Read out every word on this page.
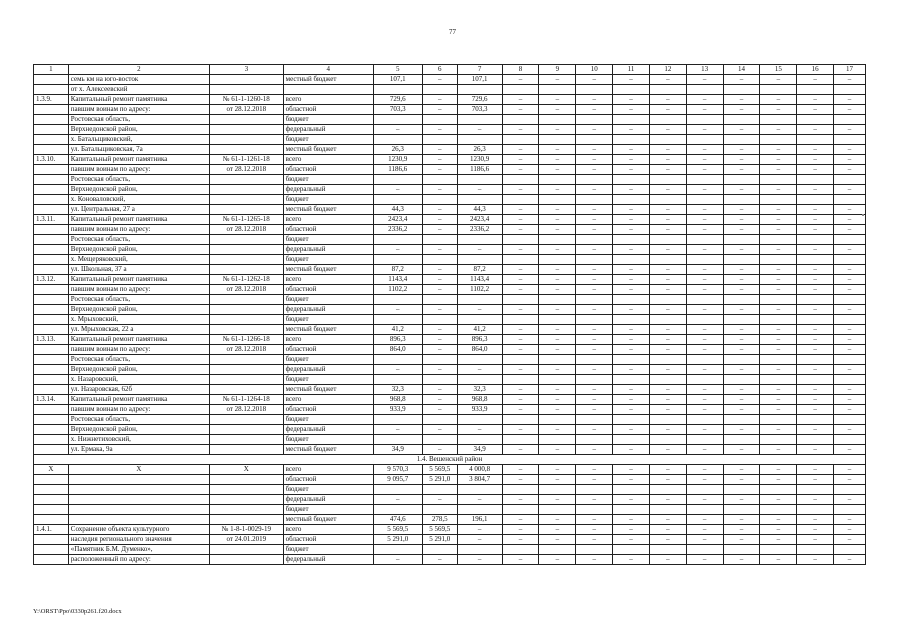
77
1	2	3	4	5	6	7	8	9	10	11	12	13	14	15	16	17
	семь км на юго-восток		местный бюджет	107,1	–	107,1	–	–	–	–	–	–	–	–	–	–
	от х. Алексеевский															
1.3.9.	Капитальный ремонт памятника	№ 61-1-1260-18	всего	729,6	–	729,6	–	–	–	–	–	–	–	–	–	–
	павшим воинам по адресу:	от 28.12.2018	областной	703,3	–	703,3	–	–	–	–	–	–	–	–	–	–
	Ростовская область,		бюджет													
	Верхнедонской район,		федеральный	–	–	–	–	–	–	–	–	–	–	–	–	–
	х. Батальщиковский,		бюджет													
	ул. Батальщиковская, 7а		местный бюджет	26,3	–	26,3	–	–	–	–	–	–	–	–	–	–
1.3.10.	Капитальный ремонт памятника	№ 61-1-1261-18	всего	1230,9	–	1230,9	–	–	–	–	–	–	–	–	–	–
	павшим воинам по адресу:	от 28.12.2018	областной	1186,6	–	1186,6	–	–	–	–	–	–	–	–	–	–
	Ростовская область,		бюджет													
	Верхнедонской район,		федеральный	–	–	–	–	–	–	–	–	–	–	–	–	–
	х. Коноваловский,		бюджет													
	ул. Центральная, 27 а		местный бюджет	44,3	–	44,3	–	–	–	–	–	–	–	–	–	–
1.3.11.	Капитальный ремонт памятника	№ 61-1-1265-18	всего	2423,4	–	2423,4	–	–	–	–	–	–	–	–	–	–
	павшим воинам по адресу:	от 28.12.2018	областной	2336,2	–	2336,2	–	–	–	–	–	–	–	–	–	–
	Ростовская область,		бюджет													
	Верхнедонской район,		федеральный	–	–	–	–	–	–	–	–	–	–	–	–	–
	х. Мещеряковский,		бюджет													
	ул. Школьная, 37 а		местный бюджет	87,2	–	87,2	–	–	–	–	–	–	–	–	–	–
1.3.12.	Капитальный ремонт памятника	№ 61-1-1262-18	всего	1143,4	–	1143,4	–	–	–	–	–	–	–	–	–	–
	павшим воинам по адресу:	от 28.12.2018	областной	1102,2	–	1102,2	–	–	–	–	–	–	–	–	–	–
	Ростовская область,		бюджет													
	Верхнедонской район,		федеральный	–	–	–	–	–	–	–	–	–	–	–	–	–
	х. Мрыховский,		бюджет													
	ул. Мрыховская, 22 а		местный бюджет	41,2	–	41,2	–	–	–	–	–	–	–	–	–	–
1.3.13.	Капитальный ремонт памятника	№ 61-1-1266-18	всего	896,3	–	896,3	–	–	–	–	–	–	–	–	–	–
	павшим воинам по адресу:	от 28.12.2018	областной	864,0	–	864,0	–	–	–	–	–	–	–	–	–	–
	Ростовская область,		бюджет													
	Верхнедонской район,		федеральный	–	–	–	–	–	–	–	–	–	–	–	–	–
	х. Назаровский,		бюджет													
	ул. Назаровская, 62б		местный бюджет	32,3	–	32,3	–	–	–	–	–	–	–	–	–	–
1.3.14.	Капитальный ремонт памятника	№ 61-1-1264-18	всего	968,8	–	968,8	–	–	–	–	–	–	–	–	–	–
	павшим воинам по адресу:	от 28.12.2018	областной	933,9	–	933,9	–	–	–	–	–	–	–	–	–	–
	Ростовская область,		бюджет													
	Верхнедонской район,		федеральный	–	–	–	–	–	–	–	–	–	–	–	–	–
	х. Нижнетиховский,		бюджет													
	ул. Ермака, 9а		местный бюджет	34,9	–	34,9	–	–	–	–	–	–	–	–	–	–
1.4. Вешенский район																
Х	Х	Х	всего	9 570,3	5 569,5	4 000,8	–	–	–	–	–	–	–	–	–	–
			областной	9 095,7	5 291,0	3 804,7	–	–	–	–	–	–	–	–	–	–
			бюджет													
			федеральный	–	–	–	–	–	–	–	–	–	–	–	–	–
			бюджет													
			местный бюджет	474,6	278,5	196,1	–	–	–	–	–	–	–	–	–	–
1.4.1.	Сохранение объекта культурного	№ 1-8-1-0029-19	всего	5 569,5	5 569,5	–	–	–	–	–	–	–	–	–	–	–
	наследия регионального значения	от 24.01.2019	областной	5 291,0	5 291,0	–	–	–	–	–	–	–	–	–	–	–
	«Памятник Б.М. Думенко»,		бюджет													
	расположенный по адресу:		федеральный	–	–	–	–	–	–	–	–	–	–	–	–	–
Y:\ORST\Ppo\0330p261.f20.docx
